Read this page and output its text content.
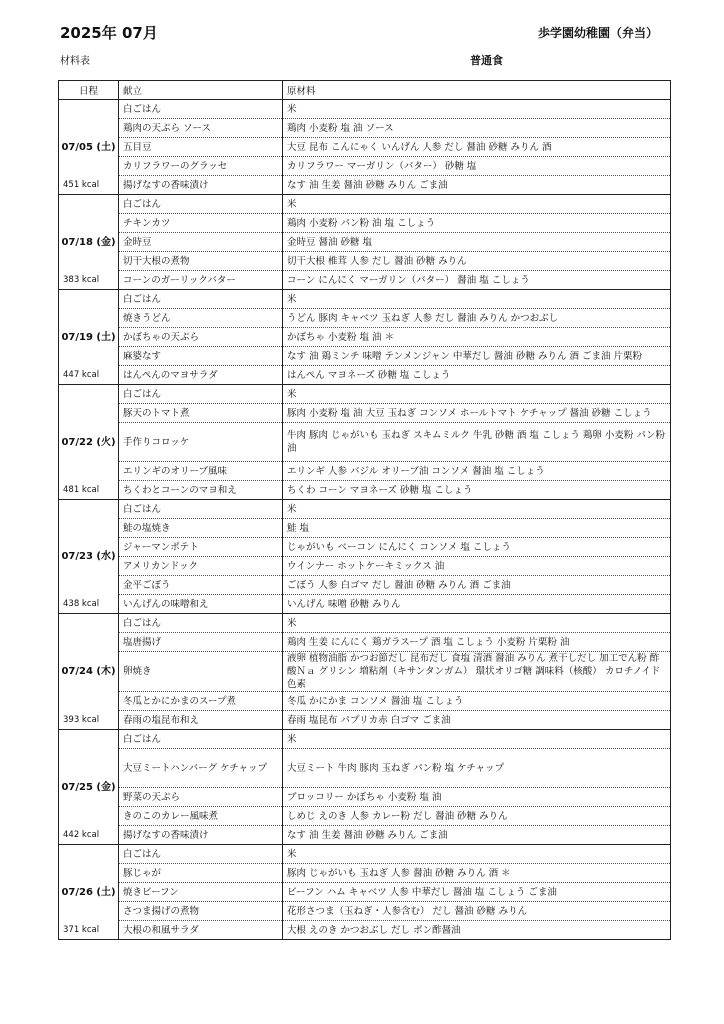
2025年 07月
材料表
歩学園幼稚園（弁当）
普通食
日程	献立	原材料
07/05 (土)
451 kcal	白ごはん	米
	鶏肉の天ぷら ソース	鶏肉 小麦粉 塩 油 ソース
	五目豆	大豆 昆布 こんにゃく いんげん 人参 だし 醤油 砂糖 みりん 酒
	カリフラワーのグラッセ	カリフラワー マーガリン（バター） 砂糖 塩
	揚げなすの香味漬け	なす 油 生姜 醤油 砂糖 みりん ごま油
07/18 (金)
383 kcal	白ごはん	米
	チキンカツ	鶏肉 小麦粉 パン粉 油 塩 こしょう
	金時豆	金時豆 醤油 砂糖 塩
	切干大根の煮物	切干大根 椎茸 人参 だし 醤油 砂糖 みりん
	コーンのガーリックバター	コーン にんにく マーガリン（バター） 醤油 塩 こしょう
07/19 (土)
447 kcal	白ごはん	米
	焼きうどん	うどん 豚肉 キャベツ 玉ねぎ 人参 だし 醤油 みりん かつおぶし
	かぼちゃの天ぷら	かぼちゃ 小麦粉 塩 油 ＊
	麻婆なす	なす 油 鶏ミンチ 味噌 テンメンジャン 中華だし 醤油 砂糖 みりん 酒 ごま油 片栗粉
	はんぺんのマヨサラダ	はんぺん マヨネーズ 砂糖 塩 こしょう
07/22 (火)
481 kcal	白ごはん	米
	豚天のトマト煮	豚肉 小麦粉 塩 油 大豆 玉ねぎ コンソメ ホールトマト ケチャップ 醤油 砂糖 こしょう
	手作りコロッケ	牛肉 豚肉 じゃがいも 玉ねぎ スキムミルク 牛乳 砂糖 酒 塩 こしょう 鶏卵 小麦粉 パン粉 油
	エリンギのオリーブ風味	エリンギ 人参 バジル オリーブ油 コンソメ 醤油 塩 こしょう
	ちくわとコーンのマヨ和え	ちくわ コーン マヨネーズ 砂糖 塩 こしょう
07/23 (水)
438 kcal	白ごはん	米
	鮭の塩焼き	鮭 塩
	ジャーマンポテト	じゃがいも ベーコン にんにく コンソメ 塩 こしょう
	アメリカンドック	ウインナー ホットケーキミックス 油
	金平ごぼう	ごぼう 人参 白ゴマ だし 醤油 砂糖 みりん 酒 ごま油
	いんげんの味噌和え	いんげん 味噌 砂糖 みりん
07/24 (木)
393 kcal	白ごはん	米
	塩唐揚げ	鶏肉 生姜 にんにく 鶏ガラスープ 酒 塩 こしょう 小麦粉 片栗粉 油
	卵焼き	液卵 植物油脂 かつお節だし 昆布だし 食塩 清酒 醤油 みりん 煮干しだし 加工でん粉 酢酸Ｎａ グリシン 増粘剤（キサンタンガム） 環状オリゴ糖 調味料（核酸） カロチノイド色素
	冬瓜とかにかまのスープ煮	冬瓜 かにかま コンソメ 醤油 塩 こしょう
	春雨の塩昆布和え	春雨 塩昆布 パプリカ赤 白ゴマ ごま油
07/25 (金)
442 kcal	白ごはん	米
	大豆ミートハンバーグ ケチャップ	大豆ミート 牛肉 豚肉 玉ねぎ パン粉 塩 ケチャップ
	野菜の天ぷら	ブロッコリー かぼちゃ 小麦粉 塩 油
	きのこのカレー風味煮	しめじ えのき 人参 カレー粉 だし 醤油 砂糖 みりん
	揚げなすの香味漬け	なす 油 生姜 醤油 砂糖 みりん ごま油
07/26 (土)
371 kcal	白ごはん	米
	豚じゃが	豚肉 じゃがいも 玉ねぎ 人参 醤油 砂糖 みりん 酒 ＊
	焼きビーフン	ビーフン ハム キャベツ 人参 中華だし 醤油 塩 こしょう ごま油
	さつま揚げの煮物	花形さつま（玉ねぎ・人参含む） だし 醤油 砂糖 みりん
	大根の和風サラダ	大根 えのき かつおぶし だし ポン酢醤油
